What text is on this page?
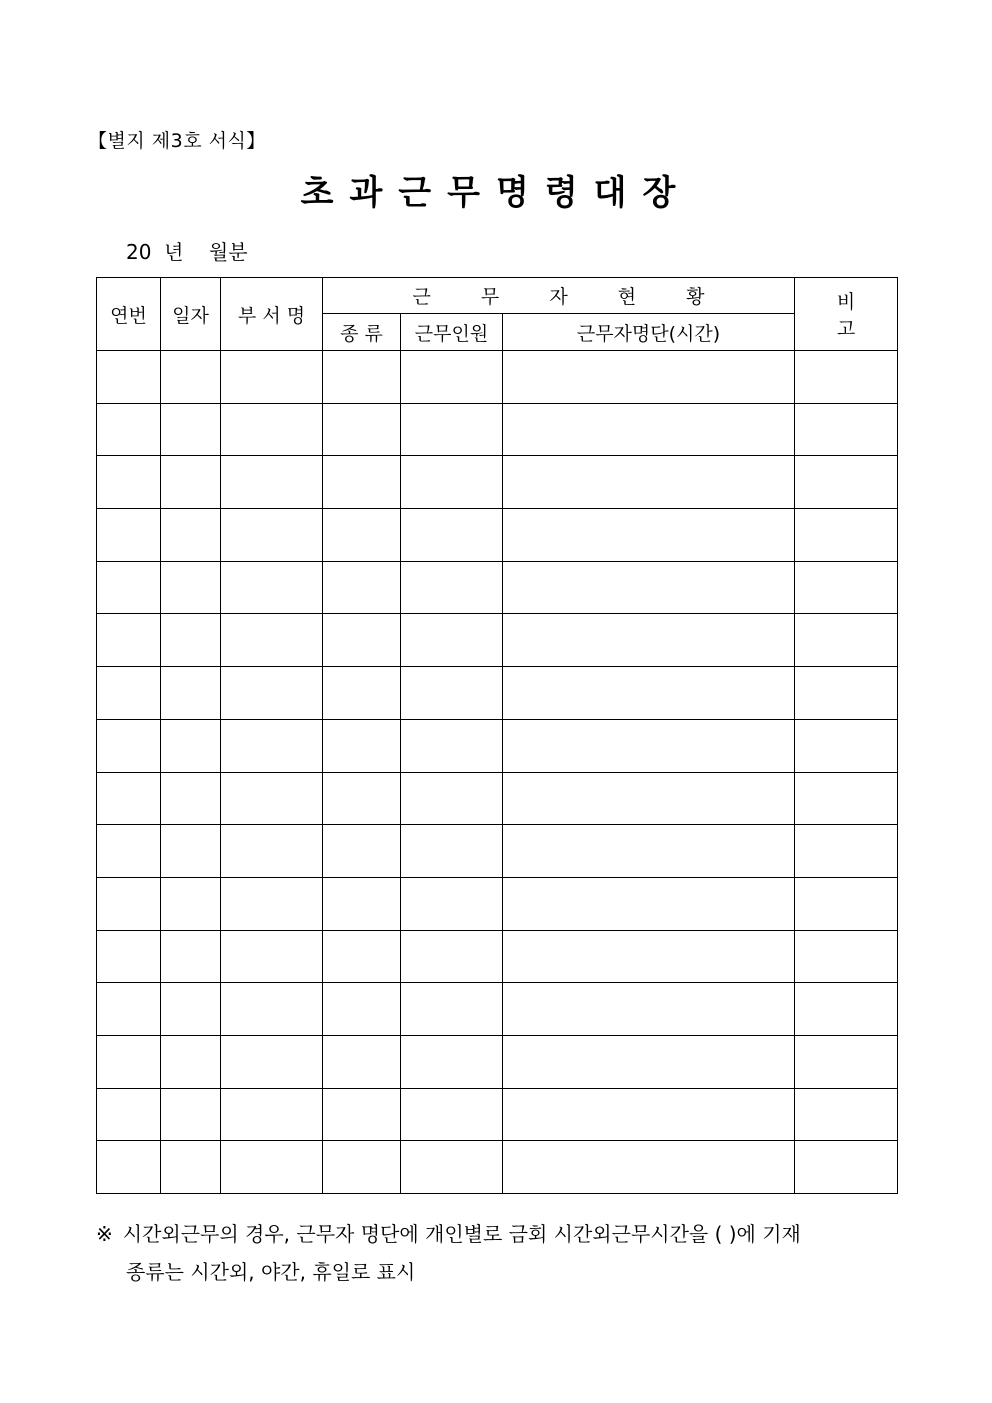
【별지 제3호 서식】
초과근무명령대장
20  년    월분
연번	일자	부 서 명	근 무 자 현 황			비 고
			종 류	근무인원	근무자명단(시간)	

※ 시간외근무의 경우, 근무자 명단에 개인별로 금회 시간외근무시간을 ( )에 기재
종류는 시간외, 야간, 휴일로 표시
